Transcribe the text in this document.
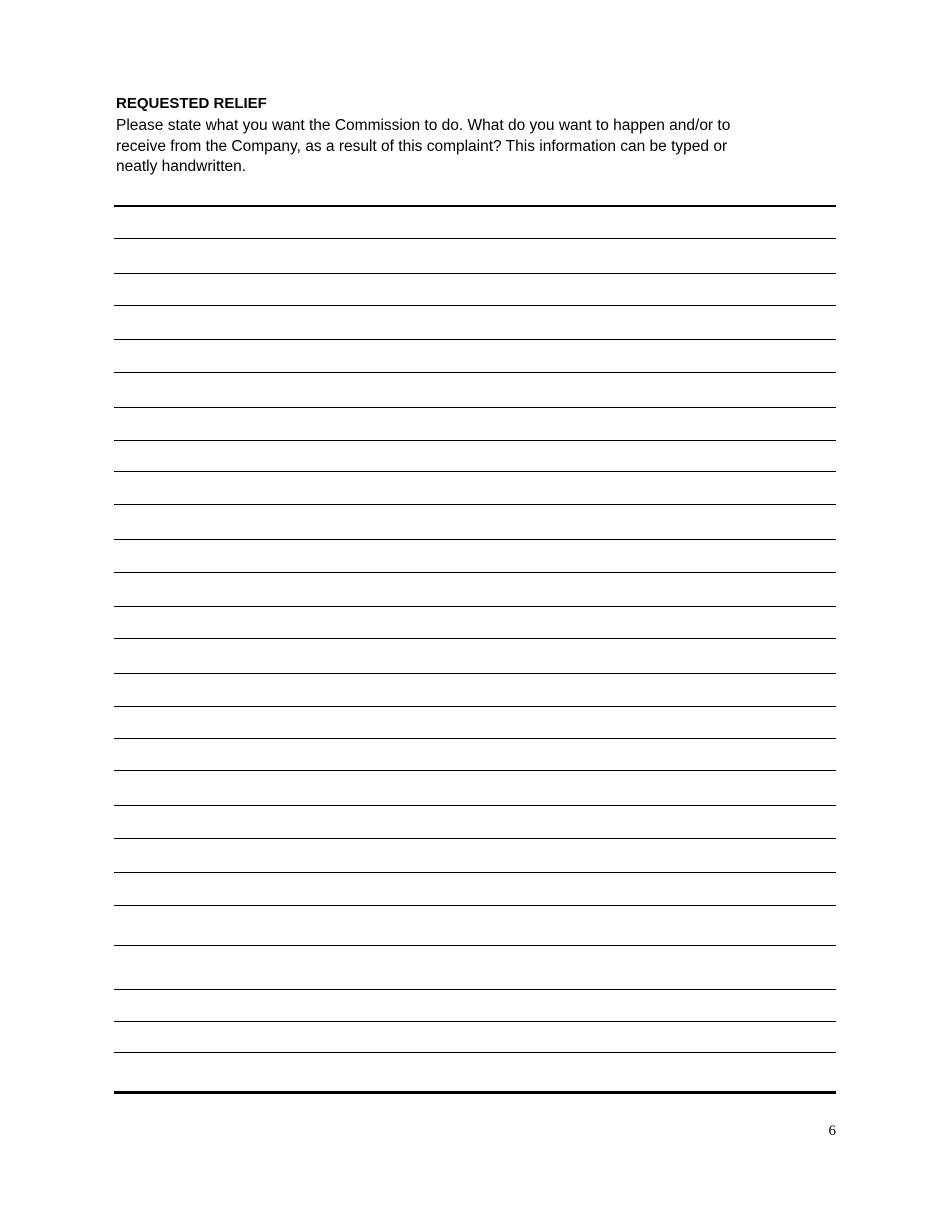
REQUESTED RELIEF
Please state what you want the Commission to do. What do you want to happen and/or to
receive from the Company, as a result of this complaint? This information can be typed or
neatly handwritten.
6
